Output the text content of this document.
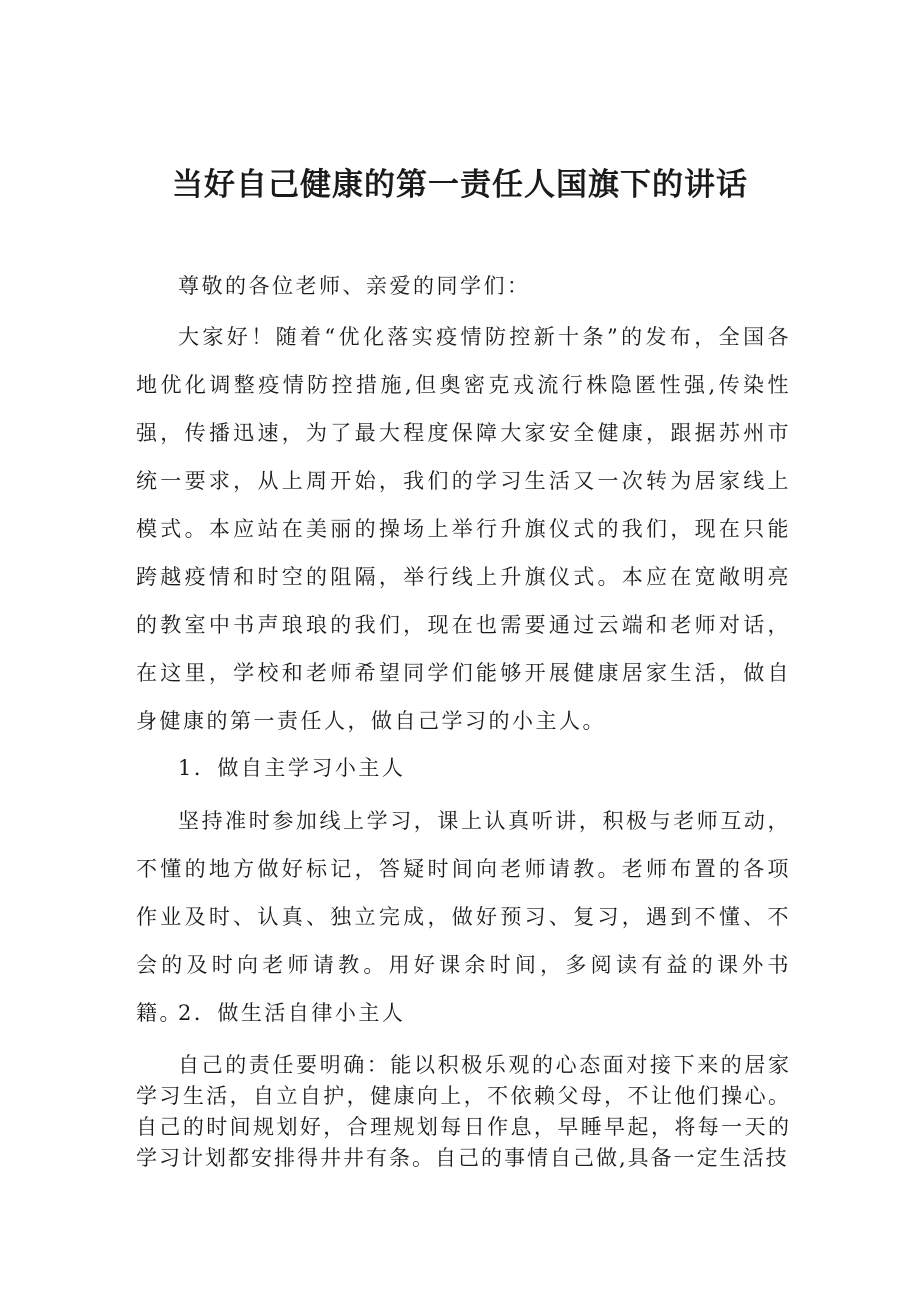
当好自己健康的第一责任人国旗下的讲话

尊敬的各位老师、亲爱的同学们：

大家好！随着“优化落实疫情防控新十条”的发布，全国各地优化调整疫情防控措施,但奥密克戎流行株隐匿性强,传染性强，传播迅速，为了最大程度保障大家安全健康，跟据苏州市统一要求，从上周开始，我们的学习生活又一次转为居家线上模式。本应站在美丽的操场上举行升旗仪式的我们，现在只能跨越疫情和时空的阻隔，举行线上升旗仪式。本应在宽敞明亮的教室中书声琅琅的我们，现在也需要通过云端和老师对话，在这里，学校和老师希望同学们能够开展健康居家生活，做自身健康的第一责任人，做自己学习的小主人。

1．做自主学习小主人

坚持准时参加线上学习，课上认真听讲，积极与老师互动，不懂的地方做好标记，答疑时间向老师请教。老师布置的各项作业及时、认真、独立完成，做好预习、复习，遇到不懂、不会的及时向老师请教。用好课余时间，多阅读有益的课外书籍。

2．做生活自律小主人

自己的责任要明确：能以积极乐观的心态面对接下来的居家学习生活，自立自护，健康向上，不依赖父母，不让他们操心。自己的时间规划好，合理规划每日作息，早睡早起，将每一天的学习计划都安排得井井有条。自己的事情自己做,具备一定生活技
